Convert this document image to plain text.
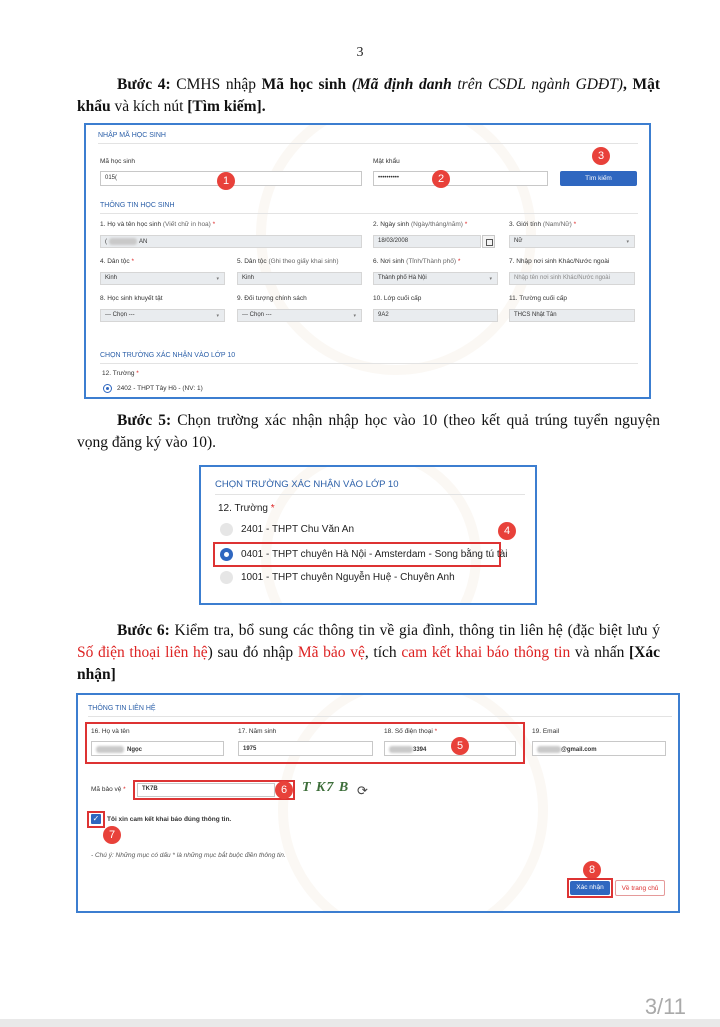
3
Bước 4: CMHS nhập Mã học sinh (Mã định danh trên CSDL ngành GDĐT), Mật khẩu và kích nút [Tìm kiếm].
NHẬP MÃ HỌC SINH
Mã học sinh
015(
Mật khẩu
••••••••••	Tìm kiếm
1	2
3
THÔNG TIN HỌC SINH
1. Họ và tên học sinh (Viết chữ in hoa) *
(	AN
2. Ngày sinh (Ngày/tháng/năm) *
18/03/2008
3. Giới tính (Nam/Nữ) *
Nữ	▾
4. Dân tộc *
Kinh	▾
5. Dân tộc (Ghi theo giấy khai sinh)
Kinh
6. Nơi sinh (Tỉnh/Thành phố) *
Thành phố Hà Nội	▾
7. Nhập nơi sinh Khác/Nước ngoài
Nhập tên nơi sinh Khác/Nước ngoài
8. Học sinh khuyết tật
--- Chọn ---	▾
9. Đối tượng chính sách
--- Chọn ---	▾
10. Lớp cuối cấp
9A2
11. Trường cuối cấp
THCS Nhật Tân
CHỌN TRƯỜNG XÁC NHẬN VÀO LỚP 10
12. Trường *
2402 - THPT Tây Hồ - (NV: 1)
Bước 5: Chọn trường xác nhận nhập học vào 10 (theo kết quả trúng tuyển nguyện vọng đăng ký vào 10).
CHỌN TRƯỜNG XÁC NHẬN VÀO LỚP 10
12. Trường *
2401 - THPT Chu Văn An
0401 - THPT chuyên Hà Nội - Amsterdam - Song bằng tú tài
1001 - THPT chuyên Nguyễn Huệ - Chuyên Anh
4
Bước 6: Kiểm tra, bổ sung các thông tin về gia đình, thông tin liên hệ (đặc biệt lưu ý Số điện thoại liên hệ) sau đó nhập Mã bảo vệ, tích cam kết khai báo thông tin và nhấn [Xác nhận]
THÔNG TIN LIÊN HỆ
16. Họ và tên
Ngọc
17. Năm sinh
1975
18. Số điện thoại *
3394
19. Email
@gmail.com
5
Mã bảo vệ *	TK7B	6	T K7 B ⟳
✓ Tôi xin cam kết khai báo đúng thông tin.
7
- Chú ý: Những mục có dấu * là những mục bắt buộc điền thông tin.
8
Xác nhận	Về trang chủ
3/11
